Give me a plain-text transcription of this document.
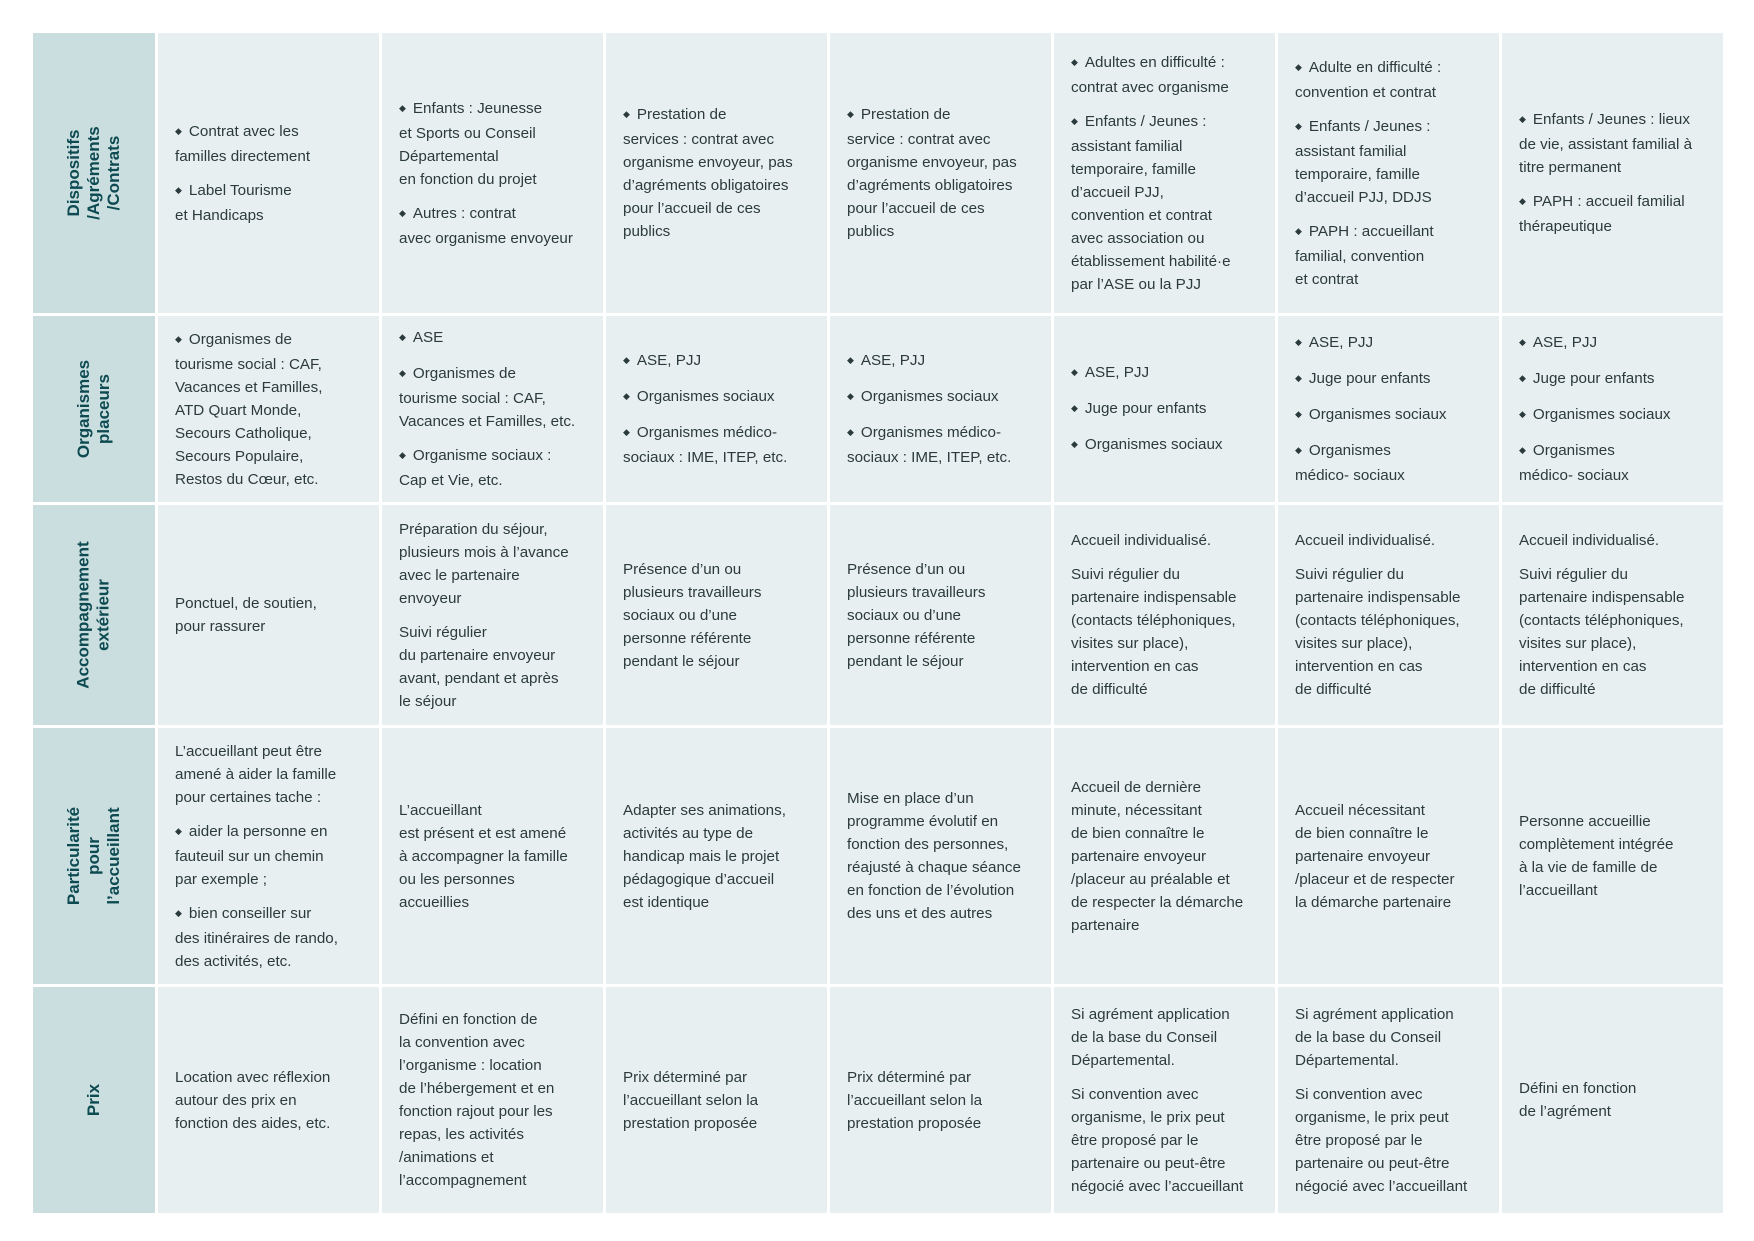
Dispositifs
/Agréments
/Contrats
◆ Contrat avec les
familles directement
◆ Label Tourisme
et Handicaps
◆ Enfants : Jeunesse
et Sports ou Conseil
Départemental
en fonction du projet
◆ Autres : contrat
avec organisme envoyeur
◆ Prestation de
services : contrat avec
organisme envoyeur, pas
d’agréments obligatoires
pour l’accueil de ces
publics
◆ Prestation de
service : contrat avec
organisme envoyeur, pas
d’agréments obligatoires
pour l’accueil de ces
publics
◆ Adultes en difficulté :
contrat avec organisme
◆ Enfants / Jeunes :
assistant familial
temporaire, famille
d’accueil PJJ,
convention et contrat
avec association ou
établissement habilité·e
par l’ASE ou la PJJ
◆ Adulte en difficulté :
convention et contrat
◆ Enfants / Jeunes :
assistant familial
temporaire, famille
d’accueil PJJ, DDJS
◆ PAPH : accueillant
familial, convention
et contrat
◆ Enfants / Jeunes : lieux
de vie, assistant familial à
titre permanent
◆ PAPH : accueil familial
thérapeutique
Organismes
placeurs
◆ Organismes de
tourisme social : CAF,
Vacances et Familles,
ATD Quart Monde,
Secours Catholique,
Secours Populaire,
Restos du Cœur, etc.
◆ ASE
◆ Organismes de
tourisme social : CAF,
Vacances et Familles, etc.
◆ Organisme sociaux :
Cap et Vie, etc.
◆ ASE, PJJ
◆ Organismes sociaux
◆ Organismes médico-
sociaux : IME, ITEP, etc.
◆ ASE, PJJ
◆ Organismes sociaux
◆ Organismes médico-
sociaux : IME, ITEP, etc.
◆ ASE, PJJ
◆ Juge pour enfants
◆ Organismes sociaux
◆ ASE, PJJ
◆ Juge pour enfants
◆ Organismes sociaux
◆ Organismes
médico- sociaux
◆ ASE, PJJ
◆ Juge pour enfants
◆ Organismes sociaux
◆ Organismes
médico- sociaux
Accompagnement
extérieur	Ponctuel, de soutien,
pour rassurer
Préparation du séjour,
plusieurs mois à l’avance
avec le partenaire
envoyeur
Suivi régulier
du partenaire envoyeur
avant, pendant et après
le séjour
Présence d’un ou
plusieurs travailleurs
sociaux ou d’une
personne référente
pendant le séjour
Présence d’un ou
plusieurs travailleurs
sociaux ou d’une
personne référente
pendant le séjour
Accueil individualisé.
Suivi régulier du
partenaire indispensable
(contacts téléphoniques,
visites sur place),
intervention en cas
de difficulté
Accueil individualisé.
Suivi régulier du
partenaire indispensable
(contacts téléphoniques,
visites sur place),
intervention en cas
de difficulté
Accueil individualisé.
Suivi régulier du
partenaire indispensable
(contacts téléphoniques,
visites sur place),
intervention en cas
de difficulté
Particularité pour
l’accueillant
L’accueillant peut être
amené à aider la famille
pour certaines tache :
◆ aider la personne en
fauteuil sur un chemin
par exemple ;
◆ bien conseiller sur
des itinéraires de rando,
des activités, etc.
L’accueillant
est présent et est amené
à accompagner la famille
ou les personnes
accueillies
Adapter ses animations,
activités au type de
handicap mais le projet
pédagogique d’accueil
est identique
Mise en place d’un
programme évolutif en
fonction des personnes,
réajusté à chaque séance
en fonction de l’évolution
des uns et des autres
Accueil de dernière
minute, nécessitant
de bien connaître le
partenaire envoyeur
/placeur au préalable et
de respecter la démarche
partenaire
Accueil nécessitant
de bien connaître le
partenaire envoyeur
/placeur et de respecter
la démarche partenaire
Personne accueillie
complètement intégrée
à la vie de famille de
l’accueillant
Prix
Location avec réflexion
autour des prix en
fonction des aides, etc.
Défini en fonction de
la convention avec
l’organisme : location
de l’hébergement et en
fonction rajout pour les
repas, les activités
/animations et
l’accompagnement
Prix déterminé par
l’accueillant selon la
prestation proposée
Prix déterminé par
l’accueillant selon la
prestation proposée
Si agrément application
de la base du Conseil
Départemental.
Si convention avec
organisme, le prix peut
être proposé par le
partenaire ou peut-être
négocié avec l’accueillant
Si agrément application
de la base du Conseil
Départemental.
Si convention avec
organisme, le prix peut
être proposé par le
partenaire ou peut-être
négocié avec l’accueillant
Défini en fonction
de l’agrément
